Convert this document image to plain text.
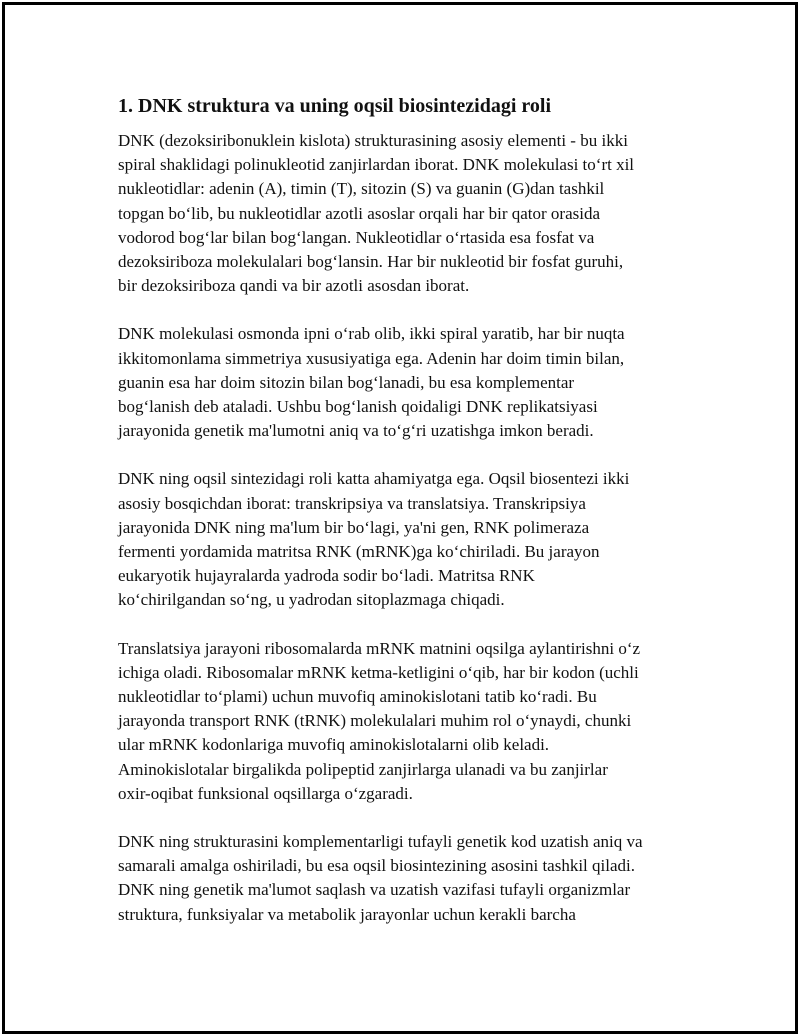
1. DNK struktura va uning oqsil biosintezidagi roli
DNK (dezoksiribonuklein kislota) strukturasining asosiy elementi - bu ikki
spiral shaklidagi polinukleotid zanjirlardan iborat. DNK molekulasi to‘rt xil
nukleotidlar: adenin (A), timin (T), sitozin (S) va guanin (G)dan tashkil
topgan bo‘lib, bu nukleotidlar azotli asoslar orqali har bir qator orasida
vodorod bog‘lar bilan bog‘langan. Nukleotidlar o‘rtasida esa fosfat va
dezoksiriboza molekulalari bog‘lansin. Har bir nukleotid bir fosfat guruhi,
bir dezoksiriboza qandi va bir azotli asosdan iborat.
DNK molekulasi osmonda ipni o‘rab olib, ikki spiral yaratib, har bir nuqta
ikkitomonlama simmetriya xususiyatiga ega. Adenin har doim timin bilan,
guanin esa har doim sitozin bilan bog‘lanadi, bu esa komplementar
bog‘lanish deb ataladi. Ushbu bog‘lanish qoidaligi DNK replikatsiyasi
jarayonida genetik ma'lumotni aniq va to‘g‘ri uzatishga imkon beradi.
DNK ning oqsil sintezidagi roli katta ahamiyatga ega. Oqsil biosentezi ikki
asosiy bosqichdan iborat: transkripsiya va translatsiya. Transkripsiya
jarayonida DNK ning ma'lum bir bo‘lagi, ya'ni gen, RNK polimeraza
fermenti yordamida matritsa RNK (mRNK)ga ko‘chiriladi. Bu jarayon
eukaryotik hujayralarda yadroda sodir bo‘ladi. Matritsa RNK
ko‘chirilgandan so‘ng, u yadrodan sitoplazmaga chiqadi.
Translatsiya jarayoni ribosomalarda mRNK matnini oqsilga aylantirishni o‘z
ichiga oladi. Ribosomalar mRNK ketma-ketligini o‘qib, har bir kodon (uchli
nukleotidlar to‘plami) uchun muvofiq aminokislotani tatib ko‘radi. Bu
jarayonda transport RNK (tRNK) molekulalari muhim rol o‘ynaydi, chunki
ular mRNK kodonlariga muvofiq aminokislotalarni olib keladi.
Aminokislotalar birgalikda polipeptid zanjirlarga ulanadi va bu zanjirlar
oxir-oqibat funksional oqsillarga o‘zgaradi.
DNK ning strukturasini komplementarligi tufayli genetik kod uzatish aniq va
samarali amalga oshiriladi, bu esa oqsil biosintezining asosini tashkil qiladi.
DNK ning genetik ma'lumot saqlash va uzatish vazifasi tufayli organizmlar
struktura, funksiyalar va metabolik jarayonlar uchun kerakli barcha
